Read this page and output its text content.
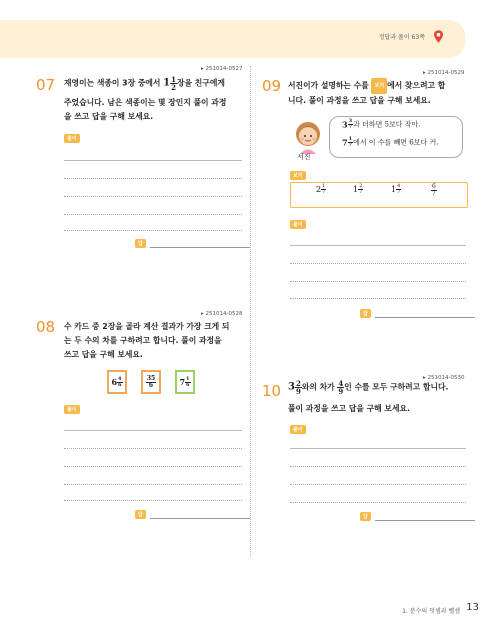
정답과 풀이 63쪽
▸ 251014-0527
07 재영이는 색종이 3장 중에서 $1 \frac{1}{2}$ 장을 친구에게
주었습니다. 남은 색종이는 몇 장인지 풀이 과정
을 쓰고 답을 구해 보세요.
풀이
답
▸ 251014-0528
08 수 카드 중 2장을 골라 계산 결과가 가장 크게 되
는 두 수의 차를 구하려고 합니다. 풀이 과정을
쓰고 답을 구해 보세요.
$6 \frac{4}{6}$	$\frac{35}{6}$	$7 \frac{1}{6}$
풀이
답
▸ 251014-0529
09 서진이가 설명하는 수를 보기 에서 찾으려고 합
니다. 풀이 과정을 쓰고 답을 구해 보세요.
서진
$3 \frac{3}{7}$ 과 더하면 5보다 작아.
$7 \frac{1}{7}$ 에서 이 수를 빼면 6보다 커.
보기
$2 \frac{1}{7}$	$1 \frac{2}{7}$	$1 \frac{4}{7}$	$\frac{6}{7}$
풀이
답
▸ 251014-0530
10 $3 \frac{2}{9}$ 와의 차가 $\frac{4}{9}$ 인 수를 모두 구하려고 합니다.
풀이 과정을 쓰고 답을 구해 보세요.
풀이
답
1. 분수의 덧셈과 뺄셈 13
